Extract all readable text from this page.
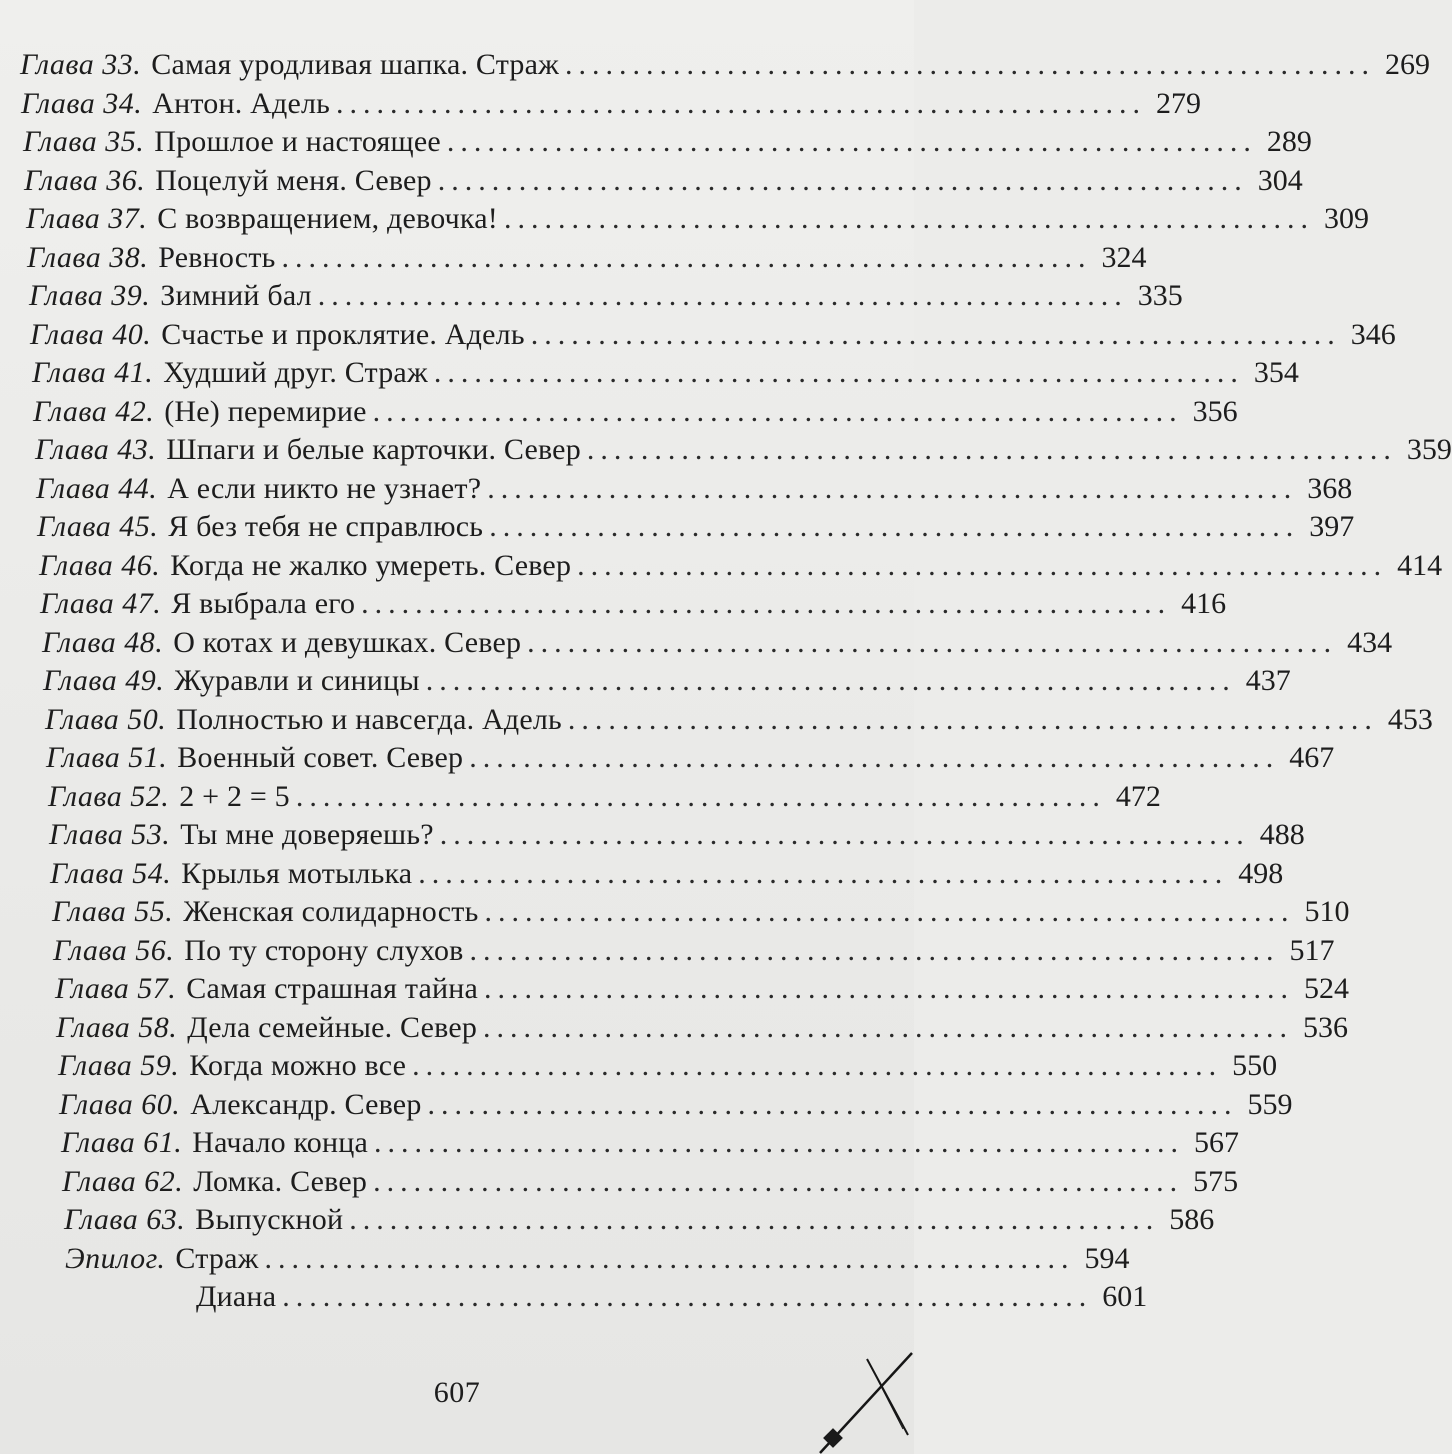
Глава 33. Самая уродливая шапка. Страж ............................................................ 269
Глава 34. Антон. Адель ............................................................ 279
Глава 35. Прошлое и настоящее ............................................................ 289
Глава 36. Поцелуй меня. Север ............................................................ 304
Глава 37. С возвращением, девочка! ............................................................ 309
Глава 38. Ревность ............................................................ 324
Глава 39. Зимний бал ............................................................ 335
Глава 40. Счастье и проклятие. Адель ............................................................ 346
Глава 41. Худший друг. Страж ............................................................ 354
Глава 42. (Не) перемирие ............................................................ 356
Глава 43. Шпаги и белые карточки. Север ............................................................ 359
Глава 44. А если никто не узнает? ............................................................ 368
Глава 45. Я без тебя не справлюсь ............................................................ 397
Глава 46. Когда не жалко умереть. Север ............................................................ 414
Глава 47. Я выбрала его ............................................................ 416
Глава 48. О котах и девушках. Север ............................................................ 434
Глава 49. Журавли и синицы ............................................................ 437
Глава 50. Полностью и навсегда. Адель ............................................................ 453
Глава 51. Военный совет. Север ............................................................ 467
Глава 52. 2 + 2 = 5 ............................................................ 472
Глава 53. Ты мне доверяешь? ............................................................ 488
Глава 54. Крылья мотылька ............................................................ 498
Глава 55. Женская солидарность ............................................................ 510
Глава 56. По ту сторону слухов ............................................................ 517
Глава 57. Самая страшная тайна ............................................................ 524
Глава 58. Дела семейные. Север ............................................................ 536
Глава 59. Когда можно все ............................................................ 550
Глава 60. Александр. Север ............................................................ 559
Глава 61. Начало конца ............................................................ 567
Глава 62. Ломка. Север ............................................................ 575
Глава 63. Выпускной ............................................................ 586
Эпилог. Страж ............................................................ 594
Диана ............................................................ 601
607
